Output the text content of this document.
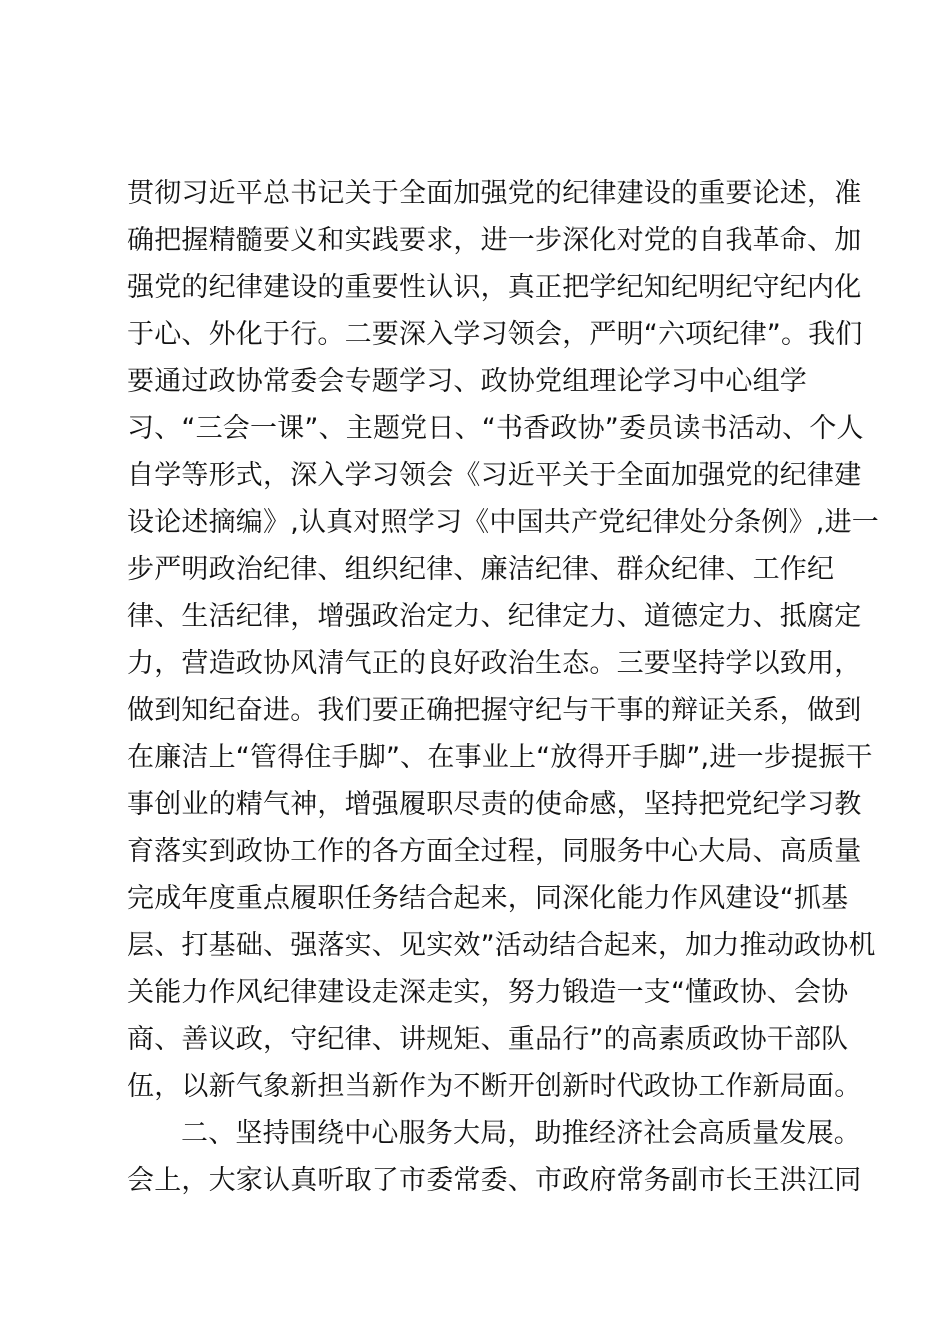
贯彻习近平总书记关于全面加强党的纪律建设的重要论述，准
确把握精髓要义和实践要求，进一步深化对党的自我革命、加
强党的纪律建设的重要性认识，真正把学纪知纪明纪守纪内化
于心、外化于行。二要深入学习领会，严明“六项纪律”。我们
要通过政协常委会专题学习、政协党组理论学习中心组学
习、“三会一课”、主题党日、“书香政协”委员读书活动、个人
自学等形式，深入学习领会《习近平关于全面加强党的纪律建
设论述摘编》,认真对照学习《中国共产党纪律处分条例》,进一
步严明政治纪律、组织纪律、廉洁纪律、群众纪律、工作纪
律、生活纪律，增强政治定力、纪律定力、道德定力、抵腐定
力，营造政协风清气正的良好政治生态。三要坚持学以致用，
做到知纪奋进。我们要正确把握守纪与干事的辩证关系，做到
在廉洁上“管得住手脚”、在事业上“放得开手脚”,进一步提振干
事创业的精气神，增强履职尽责的使命感，坚持把党纪学习教
育落实到政协工作的各方面全过程，同服务中心大局、高质量
完成年度重点履职任务结合起来，同深化能力作风建设“抓基
层、打基础、强落实、见实效”活动结合起来，加力推动政协机
关能力作风纪律建设走深走实，努力锻造一支“懂政协、会协
商、善议政，守纪律、讲规矩、重品行”的高素质政协干部队
伍，以新气象新担当新作为不断开创新时代政协工作新局面。
二、坚持围绕中心服务大局，助推经济社会高质量发展。
会上，大家认真听取了市委常委、市政府常务副市长王洪江同
